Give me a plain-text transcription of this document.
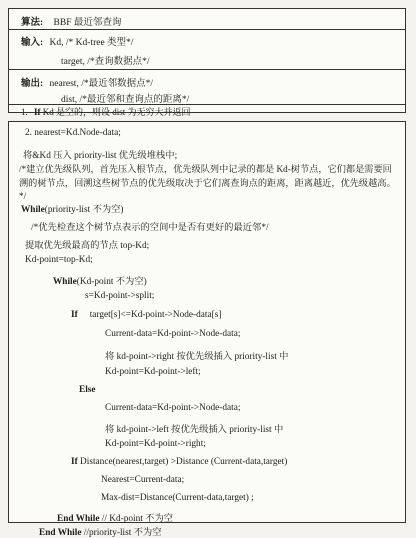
算法: BBF 最近邻查询
输入: Kd, /* Kd-tree 类型*/
target, /*查询数据点*/
输出: nearest, /*最近邻数据点*/
dist, /*最近邻和查询点的距离*/
1. If Kd 是空的，则设 dist 为无穷大并返回
2. nearest=Kd.Node-data;
将&Kd 压入 priority-list 优先级堆栈中;
/*建立优先级队列，首先压入根节点，优先级队列中记录的都是 Kd-树节点，它们都是需要回溯的树节点，回溯这些树节点的优先级取决于它们离查询点的距离，距离越近，优先级越高。*/
While(priority-list 不为空)
/*优先检查这个树节点表示的空间中是否有更好的最近邻*/
提取优先级最高的节点 top-Kd;
Kd-point=top-Kd;
While(Kd-point 不为空)
s=Kd-point->split;
If target[s]<=Kd-point->Node-data[s]
Current-data=Kd-point->Node-data;
将 kd-point->right 按优先级插入 priority-list 中
Kd-point=Kd-point->left;
Else
Current-data=Kd-point->Node-data;
将 kd-point->left 按优先级插入 priority-list 中
Kd-point=Kd-point->right;
If Distance(nearest,target) >Distance (Current-data,target)
Nearest=Current-data;
Max-dist=Distance(Current-data,target) ;
End While // Kd-point 不为空
End While //priority-list 不为空
